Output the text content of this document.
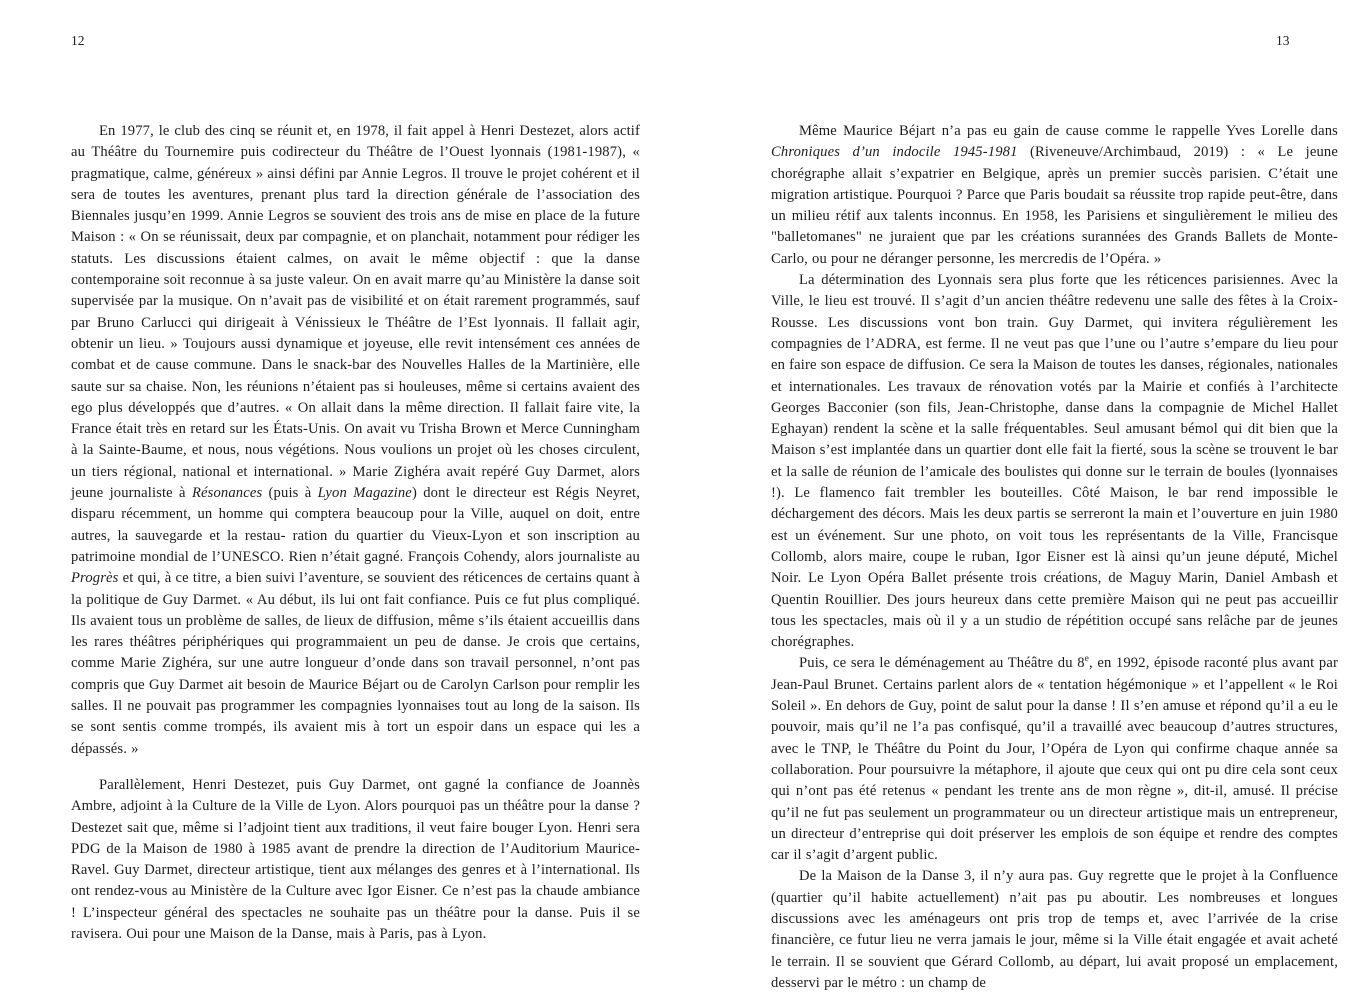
12

En 1977, le club des cinq se réunit et, en 1978, il fait appel à Henri Destezet, alors actif au Théâtre du Tournemire puis codirecteur du Théâtre de l’Ouest lyonnais (1981-1987), « pragmatique, calme, généreux » ainsi défini par Annie Legros. Il trouve le projet cohérent et il sera de toutes les aventures, prenant plus tard la direction générale de l’association des Biennales jusqu’en 1999. Annie Legros se souvient des trois ans de mise en place de la future Maison : « On se réunissait, deux par compagnie, et on planchait, notamment pour rédiger les statuts. Les discussions étaient calmes, on avait le même objectif : que la danse contemporaine soit reconnue à sa juste valeur. On en avait marre qu’au Ministère la danse soit supervisée par la musique. On n’avait pas de visibilité et on était rarement programmés, sauf par Bruno Carlucci qui dirigeait à Vénissieux le Théâtre de l’Est lyonnais. Il fallait agir, obtenir un lieu. » Toujours aussi dynamique et joyeuse, elle revit intensément ces années de combat et de cause commune. Dans le snack-bar des Nouvelles Halles de la Martinière, elle saute sur sa chaise. Non, les réunions n’étaient pas si houleuses, même si certains avaient des ego plus développés que d’autres. « On allait dans la même direction. Il fallait faire vite, la France était très en retard sur les États-Unis. On avait vu Trisha Brown et Merce Cunningham à la Sainte-Baume, et nous, nous végétions. Nous voulions un projet où les choses circulent, un tiers régional, national et international. » Marie Zighéra avait repéré Guy Darmet, alors jeune journaliste à Résonances (puis à Lyon Magazine) dont le directeur est Régis Neyret, disparu récemment, un homme qui comptera beaucoup pour la Ville, auquel on doit, entre autres, la sauvegarde et la restau- ration du quartier du Vieux-Lyon et son inscription au patrimoine mondial de l’UNESCO. Rien n’était gagné. François Cohendy, alors journaliste au Progrès et qui, à ce titre, a bien suivi l’aventure, se souvient des réticences de certains quant à la politique de Guy Darmet. « Au début, ils lui ont fait confiance. Puis ce fut plus compliqué. Ils avaient tous un problème de salles, de lieux de diffusion, même s’ils étaient accueillis dans les rares théâtres périphériques qui programmaient un peu de danse. Je crois que certains, comme Marie Zighéra, sur une autre longueur d’onde dans son travail personnel, n’ont pas compris que Guy Darmet ait besoin de Maurice Béjart ou de Carolyn Carlson pour remplir les salles. Il ne pouvait pas programmer les compagnies lyonnaises tout au long de la saison. Ils se sont sentis comme trompés, ils avaient mis à tort un espoir dans un espace qui les a dépassés. »

Parallèlement, Henri Destezet, puis Guy Darmet, ont gagné la confiance de Joannès Ambre, adjoint à la Culture de la Ville de Lyon. Alors pourquoi pas un théâtre pour la danse ? Destezet sait que, même si l’adjoint tient aux traditions, il veut faire bouger Lyon. Henri sera PDG de la Maison de 1980 à 1985 avant de prendre la direction de l’Auditorium Maurice-Ravel. Guy Darmet, directeur artistique, tient aux mélanges des genres et à l’international. Ils ont rendez-vous au Ministère de la Culture avec Igor Eisner. Ce n’est pas la chaude ambiance ! L’inspecteur général des spectacles ne souhaite pas un théâtre pour la danse. Puis il se ravisera. Oui pour une Maison de la Danse, mais à Paris, pas à Lyon.

13

Même Maurice Béjart n’a pas eu gain de cause comme le rappelle Yves Lorelle dans Chroniques d’un indocile 1945-1981 (Riveneuve/Archimbaud, 2019) : « Le jeune chorégraphe allait s’expatrier en Belgique, après un premier succès parisien. C’était une migration artistique. Pourquoi ? Parce que Paris boudait sa réussite trop rapide peut-être, dans un milieu rétif aux talents inconnus. En 1958, les Parisiens et singulièrement le milieu des "balletomanes" ne juraient que par les créations surannées des Grands Ballets de Monte-Carlo, ou pour ne déranger personne, les mercredis de l’Opéra. »

La détermination des Lyonnais sera plus forte que les réticences parisiennes. Avec la Ville, le lieu est trouvé. Il s’agit d’un ancien théâtre redevenu une salle des fêtes à la Croix-Rousse. Les discussions vont bon train. Guy Darmet, qui invitera régulièrement les compagnies de l’ADRA, est ferme. Il ne veut pas que l’une ou l’autre s’empare du lieu pour en faire son espace de diffusion. Ce sera la Maison de toutes les danses, régionales, nationales et internationales. Les travaux de rénovation votés par la Mairie et confiés à l’architecte Georges Bacconier (son fils, Jean-Christophe, danse dans la compagnie de Michel Hallet Eghayan) rendent la scène et la salle fréquentables. Seul amusant bémol qui dit bien que la Maison s’est implantée dans un quartier dont elle fait la fierté, sous la scène se trouvent le bar et la salle de réunion de l’amicale des boulistes qui donne sur le terrain de boules (lyonnaises !). Le flamenco fait trembler les bouteilles. Côté Maison, le bar rend impossible le déchargement des décors. Mais les deux partis se serreront la main et l’ouverture en juin 1980 est un événement. Sur une photo, on voit tous les représentants de la Ville, Francisque Collomb, alors maire, coupe le ruban, Igor Eisner est là ainsi qu’un jeune député, Michel Noir. Le Lyon Opéra Ballet présente trois créations, de Maguy Marin, Daniel Ambash et Quentin Rouillier. Des jours heureux dans cette première Maison qui ne peut pas accueillir tous les spectacles, mais où il y a un studio de répétition occupé sans relâche par de jeunes chorégraphes.

Puis, ce sera le déménagement au Théâtre du 8e, en 1992, épisode raconté plus avant par Jean-Paul Brunet. Certains parlent alors de « tentation hégémonique » et l’appellent « le Roi Soleil ». En dehors de Guy, point de salut pour la danse ! Il s’en amuse et répond qu’il a eu le pouvoir, mais qu’il ne l’a pas confisqué, qu’il a travaillé avec beaucoup d’autres structures, avec le TNP, le Théâtre du Point du Jour, l’Opéra de Lyon qui confirme chaque année sa collaboration. Pour poursuivre la métaphore, il ajoute que ceux qui ont pu dire cela sont ceux qui n’ont pas été retenus « pendant les trente ans de mon règne », dit-il, amusé. Il précise qu’il ne fut pas seulement un programmateur ou un directeur artistique mais un entrepreneur, un directeur d’entreprise qui doit préserver les emplois de son équipe et rendre des comptes car il s’agit d’argent public.

De la Maison de la Danse 3, il n’y aura pas. Guy regrette que le projet à la Confluence (quartier qu’il habite actuellement) n’ait pas pu aboutir. Les nombreuses et longues discussions avec les aménageurs ont pris trop de temps et, avec l’arrivée de la crise financière, ce futur lieu ne verra jamais le jour, même si la Ville était engagée et avait acheté le terrain. Il se souvient que Gérard Collomb, au départ, lui avait proposé un emplacement, desservi par le métro : un champ de
